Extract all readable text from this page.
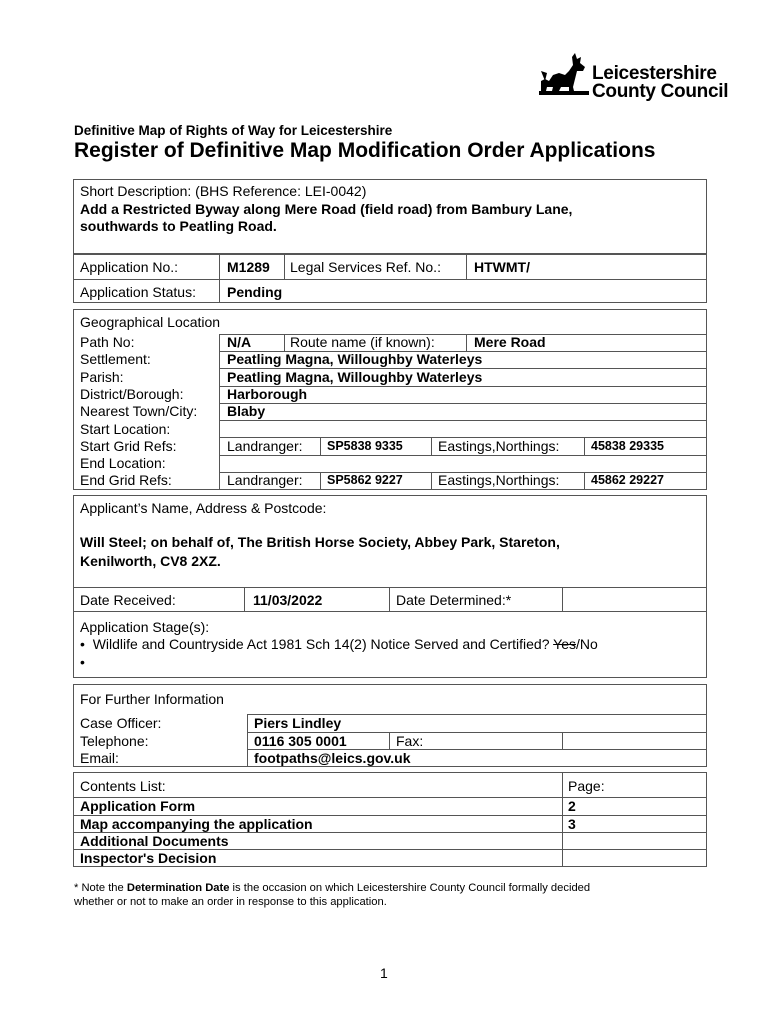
Leicestershire
County Council
Definitive Map of Rights of Way for Leicestershire
Register of Definitive Map Modification Order Applications
Short Description: (BHS Reference: LEI-0042)
Add a Restricted Byway along Mere Road (field road) from Bambury Lane,
southwards to Peatling Road.
Application No.:	M1289 Legal Services Ref. No.: HTWMT/
Application Status: Pending
Geographical Location
Path No:	N/A	Route name (if known):	Mere Road
Settlement:	Peatling Magna, Willoughby Waterleys
Parish:	Peatling Magna, Willoughby Waterleys
District/Borough:	Harborough
Nearest Town/City: Blaby
Start Location:
Start Grid Refs:	Landranger: SP5838 9335	Eastings,Northings:	45838 29335
End Location:
End Grid Refs:	Landranger: SP5862 9227	Eastings,Northings:	45862 29227
Applicant’s Name, Address & Postcode:
Will Steel; on behalf of, The British Horse Society, Abbey Park, Stareton,
Kenilworth, CV8 2XZ.
Date Received:	11/03/2022	Date Determined:*
Application Stage(s):
• Wildlife and Countryside Act 1981 Sch 14(2) Notice Served and Certified? Yes/No
•
For Further Information
Case Officer:	Piers Lindley
Telephone:	0116 305 0001	Fax:
Email:	footpaths@leics.gov.uk
Contents List:	Page:
Application Form	2
Map accompanying the application	3
Additional Documents
Inspector's Decision
* Note the Determination Date is the occasion on which Leicestershire County Council formally decided
whether or not to make an order in response to this application.
1
